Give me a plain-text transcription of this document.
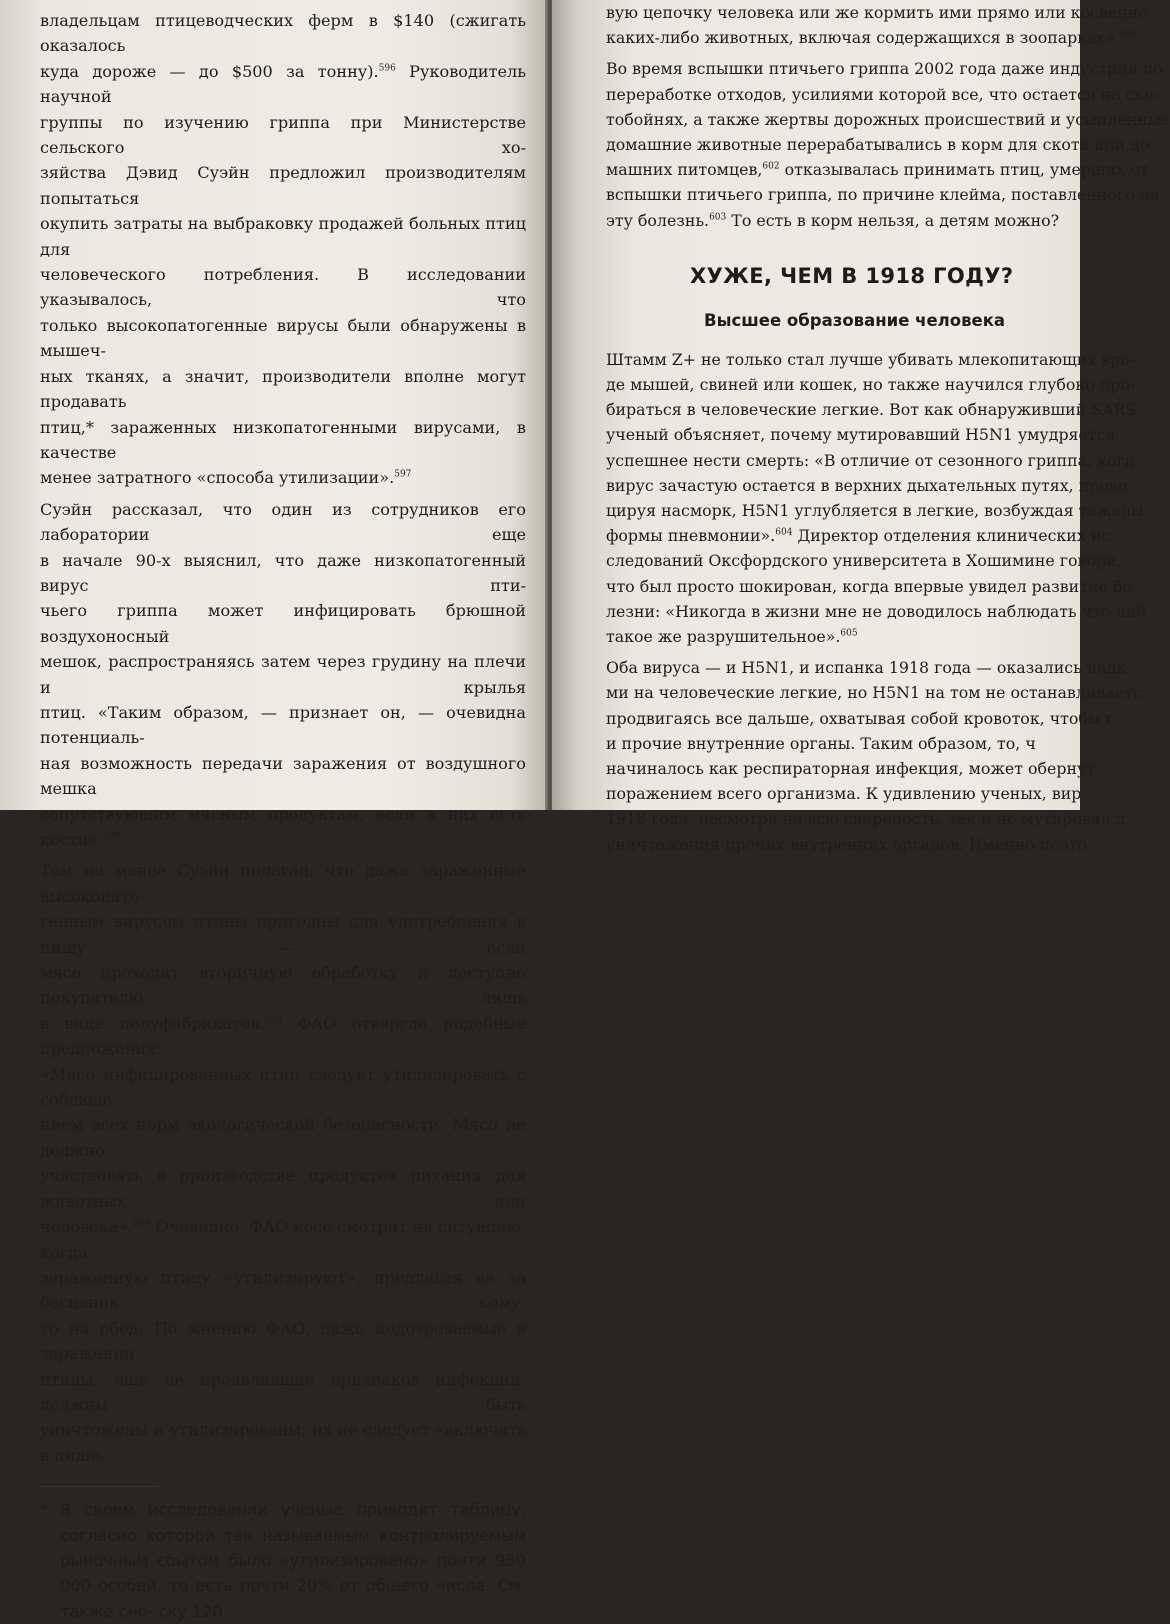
владельцам птицеводческих ферм в $140 (сжигать оказалось
куда дороже — до $500 за тонну).$^{596}$ Руководитель научной
группы по изучению гриппа при Министерстве сельского хо-
зяйства Дэвид Суэйн предложил производителям попытаться
окупить затраты на выбраковку продажей больных птиц для
человеческого потребления. В исследовании указывалось, что
только высокопатогенные вирусы были обнаружены в мышеч-
ных тканях, а значит, производители вполне могут продавать
птиц,* зараженных низкопатогенными вирусами, в качестве
менее затратного «способа утилизации».$^{597}$

Суэйн рассказал, что один из сотрудников его лаборатории еще
в начале 90-х выяснил, что даже низкопатогенный вирус пти-
чьего гриппа может инфицировать брюшной воздухоносный
мешок, распространяясь затем через грудину на плечи и крылья
птиц. «Таким образом, — признает он, — очевидна потенциаль-
ная возможность передачи заражения от воздушного мешка
сопутствующим мясным продуктам, если в них есть кости».$^{598}$

Тем не менее Суэйн полагал, что даже зараженные высокопато-
генным вирусом птицы пригодны для употребления в пищу — если
мясо проходит вторичную обработку и доступно покупателю лишь
в виде полуфабрикатов.$^{599}$ ФАО отвергла подобные предложения:
«Мясо инфицированных птиц следует утилизировать с соблюде-
нием всех норм экологической безопасности. Мясо не должно
участвовать в производстве продуктов питания для животных или
человека».$^{600}$ Очевидно, ФАО косо смотрит на ситуацию, когда
зараженную птицу «утилизируют», предлагая ее за бесценок кому-
то на обед. По мнению ФАО, даже подозреваемые в заражении
птицы, еще не проявлявшие признаков инфекции, должны быть
уничтожены и утилизированы; их не следует «включать в пище-

* В своем исследовании ученые приводят таблицу, согласно которой так называемым контролируемым рыночным сбытом было «утилизировано» почти 950 000 особей, то есть почти 20% от общего числа. См. также сно- ску 120.

вую цепочку человека или же кормить ими прямо или косвенно
каких-либо животных, включая содержащихся в зоопарках».$^{601}$

Во время вспышки птичьего гриппа 2002 года даже индустрия по
переработке отходов, усилиями которой все, что остается на ско-
тобойнях, а также жертвы дорожных происшествий и усыпленные
домашние животные перерабатывались в корм для скота или до-
машних питомцев,$^{602}$ отказывалась принимать птиц, умерших от
вспышки птичьего гриппа, по причине клейма, поставленного на
эту болезнь.$^{603}$ То есть в корм нельзя, а детям можно?

ХУЖЕ, ЧЕМ В 1918 ГОДУ?
Высшее образование человека

Штамм Z+ не только стал лучше убивать млекопитающих вро-
де мышей, свиней или кошек, но также научился глубоко про-
бираться в человеческие легкие. Вот как обнаруживший SARS
ученый объясняет, почему мутировавший H5N1 умудряется
успешнее нести смерть: «В отличие от сезонного гриппа, когд
вирус зачастую остается в верхних дыхательных путях, прово
цируя насморк, H5N1 углубляется в легкие, возбуждая тяжелы
формы пневмонии».$^{604}$ Директор отделения клинических ис
следований Оксфордского университета в Хошимине говори.
что был просто шокирован, когда впервые увидел развитие бо
лезни: «Никогда в жизни мне не доводилось наблюдать что-либ
такое же разрушительное».$^{605}$

Оба вируса — и H5N1, и испанка 1918 года — оказались падк
ми на человеческие легкие, но H5N1 на том не останавливаетс
продвигаясь все дальше, охватывая собой кровоток, чтобы г
и прочие внутренние органы. Таким образом, то, ч
начиналось как респираторная инфекция, может обернут
поражением всего организма. К удивлению ученых, вир
1918 года, несмотря на всю свирепость, так и не мутировал д
уничтожения прочих внутренних органов. Именно поэто
